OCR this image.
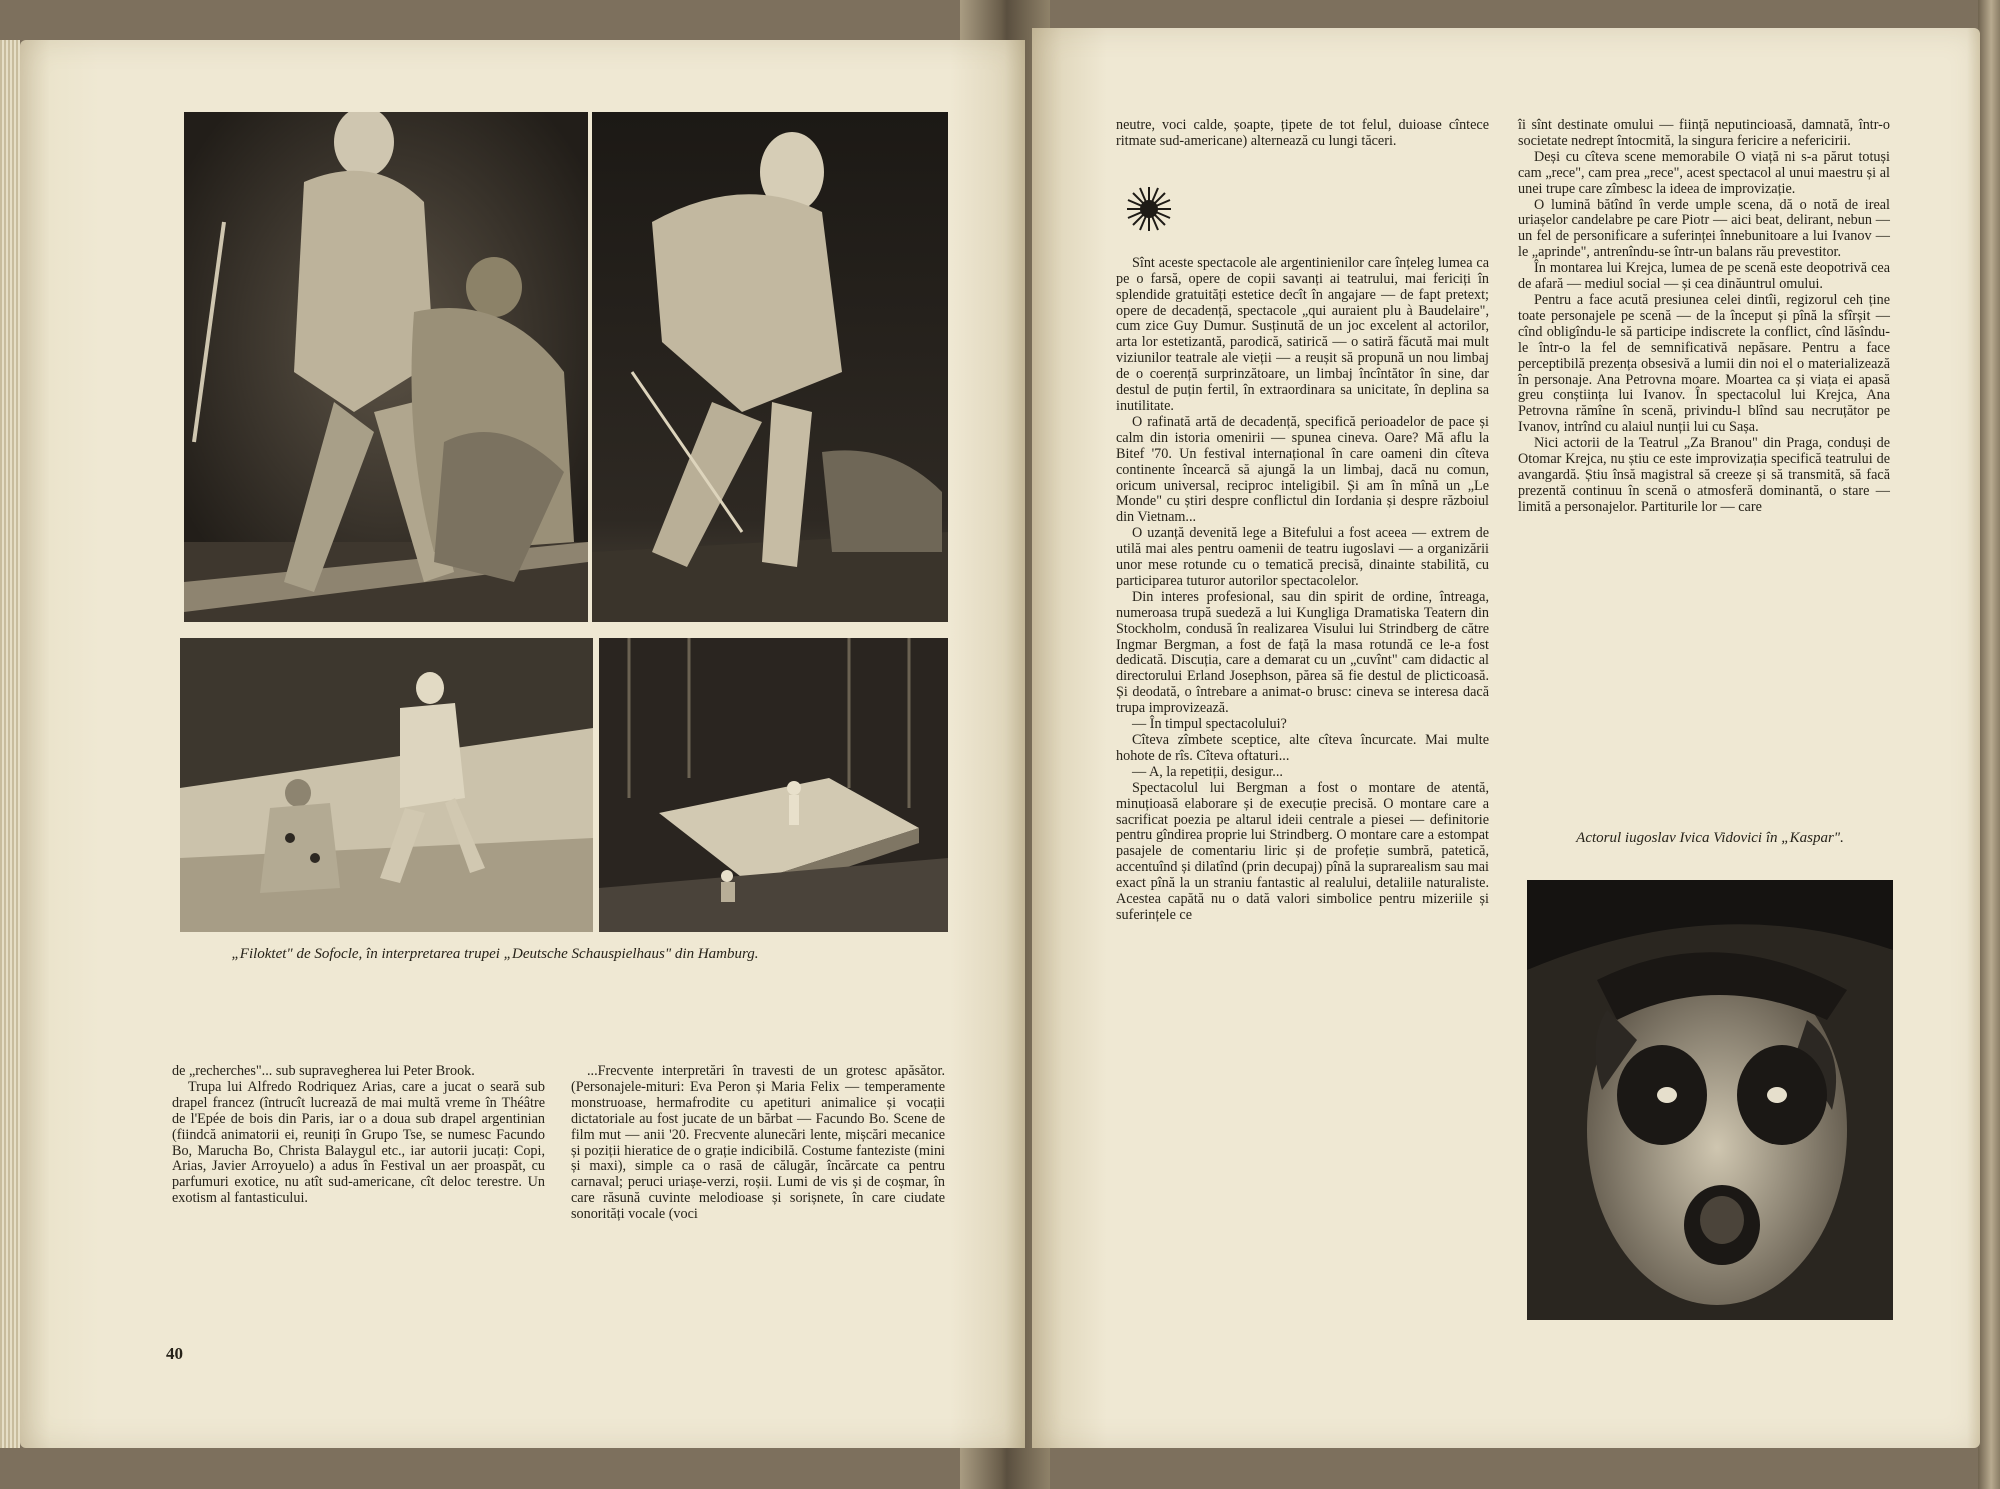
„Filoktet" de Sofocle, în interpretarea trupei „Deutsche Schauspielhaus" din Hamburg.

de „recherches"... sub supravegherea lui Peter Brook.

Trupa lui Alfredo Rodriquez Arias, care a jucat o seară sub drapel francez (întrucît lucrează de mai multă vreme în Théâtre de l'Epée de bois din Paris, iar o a doua sub drapel argentinian (fiindcă animatorii ei, reuniți în Grupo Tse, se numesc Facundo Bo, Marucha Bo, Christa Balaygul etc., iar autorii jucați: Copi, Arias, Javier Arroyuelo) a adus în Festival un aer proaspăt, cu parfumuri exotice, nu atît sud-americane, cît deloc terestre. Un exotism al fantasticului.

...Frecvente interpretări în travesti de un grotesc apăsător. (Personajele-mituri: Eva Peron și Maria Felix — temperamente monstruoase, hermafrodite cu apetituri animalice și vocații dictatoriale au fost jucate de un bărbat — Facundo Bo. Scene de film mut — anii '20. Frecvente alunecări lente, mișcări mecanice și poziții hieratice de o grație indicibilă. Costume fanteziste (mini și maxi), simple ca o rasă de călugăr, încărcate ca pentru carnaval; peruci uriașe-verzi, roșii. Lumi de vis și de coșmar, în care răsună cuvinte melodioase și sorișnete, în care ciudate sonorități vocale (voci

40

neutre, voci calde, șoapte, țipete de tot felul, duioase cîntece ritmate sud-americane) alternează cu lungi tăceri.

Sînt aceste spectacole ale argentinienilor care înțeleg lumea ca pe o farsă, opere de copii savanți ai teatrului, mai fericiți în splendide gratuități estetice decît în angajare — de fapt pretext; opere de decadență, spectacole „qui auraient plu à Baudelaire", cum zice Guy Dumur. Susținută de un joc excelent al actorilor, arta lor estetizantă, parodică, satirică — o satiră făcută mai mult viziunilor teatrale ale vieții — a reușit să propună un nou limbaj de o coerență surprinzătoare, un limbaj încîntător în sine, dar destul de puțin fertil, în extraordinara sa unicitate, în deplina sa inutilitate.

O rafinată artă de decadență, specifică perioadelor de pace și calm din istoria omenirii — spunea cineva. Oare? Mă aflu la Bitef '70. Un festival internațional în care oameni din cîteva continente încearcă să ajungă la un limbaj, dacă nu comun, oricum universal, reciproc inteligibil. Și am în mînă un „Le Monde" cu știri despre conflictul din Iordania și despre războiul din Vietnam...

O uzanță devenită lege a Bitefului a fost aceea — extrem de utilă mai ales pentru oamenii de teatru iugoslavi — a organizării unor mese rotunde cu o tematică precisă, dinainte stabilită, cu participarea tuturor autorilor spectacolelor.

Din interes profesional, sau din spirit de ordine, întreaga, numeroasa trupă suedeză a lui Kungliga Dramatiska Teatern din Stockholm, condusă în realizarea Visului lui Strindberg de către Ingmar Bergman, a fost de față la masa rotundă ce le-a fost dedicată. Discuția, care a demarat cu un „cuvînt" cam didactic al directorului Erland Josephson, părea să fie destul de plicticoasă. Și deodată, o întrebare a animat-o brusc: cineva se interesa dacă trupa improvizează.

— În timpul spectacolului?

Cîteva zîmbete sceptice, alte cîteva încurcate. Mai multe hohote de rîs. Cîteva oftaturi...

— A, la repetiții, desigur...

Spectacolul lui Bergman a fost o montare de atentă, minuțioasă elaborare și de execuție precisă. O montare care a sacrificat poezia pe altarul ideii centrale a piesei — definitorie pentru gîndirea proprie lui Strindberg. O montare care a estompat pasajele de comentariu liric și de profeție sumbră, patetică, accentuînd și dilatînd (prin decupaj) pînă la suprarealism sau mai exact pînă la un straniu fantastic al realului, detaliile naturaliste. Acestea capătă nu o dată valori simbolice pentru mizeriile și suferințele ce

îi sînt destinate omului — ființă neputincioasă, damnată, într-o societate nedrept întocmită, la singura fericire a nefericirii.

Deși cu cîteva scene memorabile O viață ni s-a părut totuși cam „rece", cam prea „rece", acest spectacol al unui maestru și al unei trupe care zîmbesc la ideea de improvizație.

O lumină bătînd în verde umple scena, dă o notă de ireal uriașelor candelabre pe care Piotr — aici beat, delirant, nebun — un fel de personificare a suferinței înnebunitoare a lui Ivanov — le „aprinde", antrenîndu-se într-un balans rău prevestitor.

În montarea lui Krejca, lumea de pe scenă este deopotrivă cea de afară — mediul social — și cea dinăuntrul omului.

Pentru a face acută presiunea celei dintîi, regizorul ceh ține toate personajele pe scenă — de la început și pînă la sfîrșit — cînd obligîndu-le să participe indiscrete la conflict, cînd lăsîndu-le într-o la fel de semnificativă nepăsare. Pentru a face perceptibilă prezența obsesivă a lumii din noi el o materializează în personaje. Ana Petrovna moare. Moartea ca și viața ei apasă greu conștiința lui Ivanov. În spectacolul lui Krejca, Ana Petrovna rămîne în scenă, privindu-l blînd sau necruțător pe Ivanov, intrînd cu alaiul nunții lui cu Sașa.

Nici actorii de la Teatrul „Za Branou" din Praga, conduși de Otomar Krejca, nu știu ce este improvizația specifică teatrului de avangardă. Știu însă magistral să creeze și să transmită, să facă prezentă continuu în scenă o atmosferă dominantă, o stare — limită a personajelor. Partiturile lor — care

Actorul iugoslav Ivica Vidovici în „Kaspar".
